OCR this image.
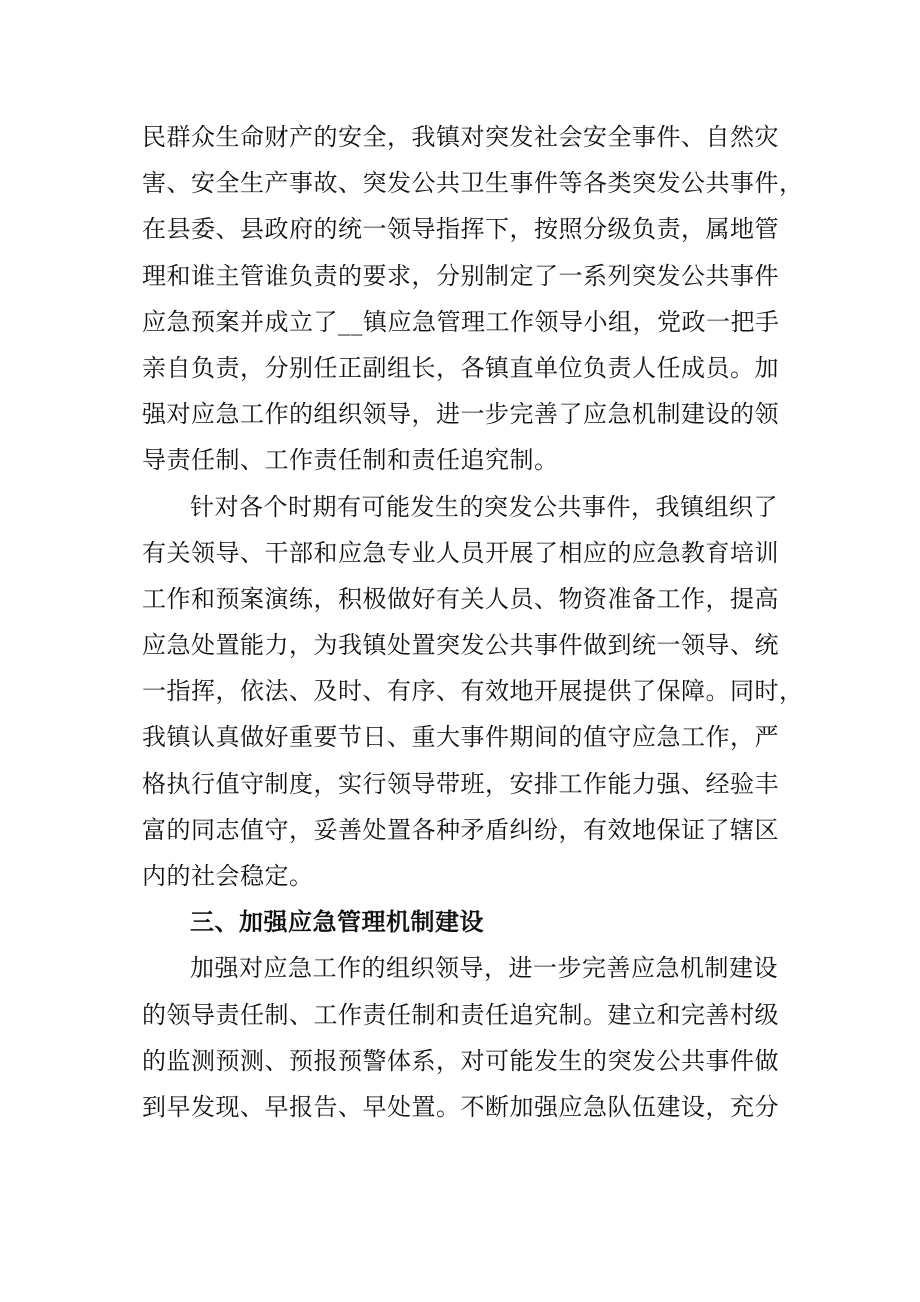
民群众生命财产的安全，我镇对突发社会安全事件、自然灾
害、安全生产事故、突发公共卫生事件等各类突发公共事件，
在县委、县政府的统一领导指挥下，按照分级负责，属地管
理和谁主管谁负责的要求，分别制定了一系列突发公共事件
应急预案并成立了__镇应急管理工作领导小组，党政一把手
亲自负责，分别任正副组长，各镇直单位负责人任成员。加
强对应急工作的组织领导，进一步完善了应急机制建设的领
导责任制、工作责任制和责任追究制。
针对各个时期有可能发生的突发公共事件，我镇组织了
有关领导、干部和应急专业人员开展了相应的应急教育培训
工作和预案演练，积极做好有关人员、物资准备工作，提高
应急处置能力，为我镇处置突发公共事件做到统一领导、统
一指挥，依法、及时、有序、有效地开展提供了保障。同时，
我镇认真做好重要节日、重大事件期间的值守应急工作，严
格执行值守制度，实行领导带班，安排工作能力强、经验丰
富的同志值守，妥善处置各种矛盾纠纷，有效地保证了辖区
内的社会稳定。
三、加强应急管理机制建设
加强对应急工作的组织领导，进一步完善应急机制建设
的领导责任制、工作责任制和责任追究制。建立和完善村级
的监测预测、预报预警体系，对可能发生的突发公共事件做
到早发现、早报告、早处置。不断加强应急队伍建设，充分
